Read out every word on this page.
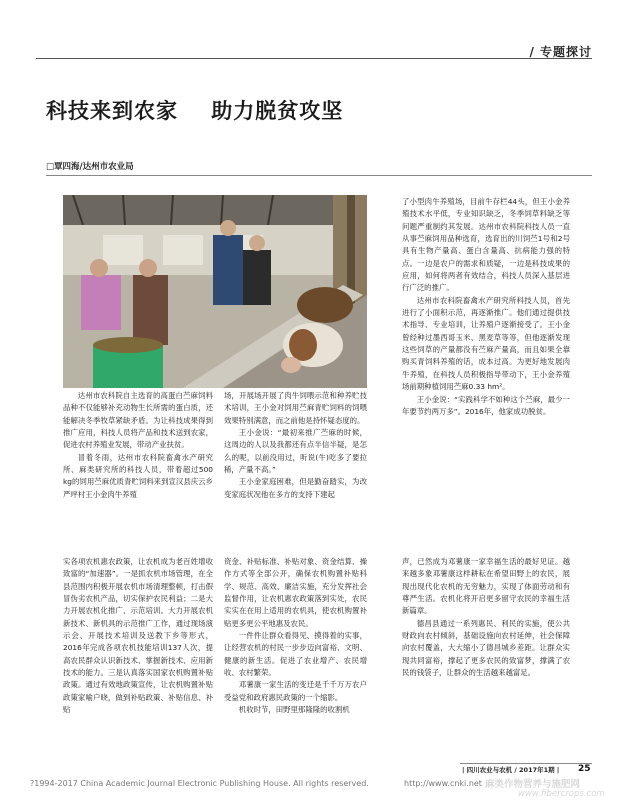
/ 专题探讨
科技来到农家    助力脱贫攻坚
□覃四海/达州市农业局

达州市农科院自主选育的高蛋白苎麻饲料品种不仅能够补充动物生长所需的蛋白质，还能解决冬季牧草紧缺矛盾。为让科技成果得到推广应用，科技人员将产品和技术送到农家，促进农村养殖业发展，带动产业扶贫。

冒着冬雨，达州市农科院畜禽水产研究所、麻类研究所的科技人员，带着超过500 kg的饲用苎麻优质青贮饲料来到宣汉县庆云乡严坪村王小金肉牛养殖

场，开展场开展了肉牛饲喂示范和种养贮技术培训，王小金对饲用苎麻青贮饲料的饲喂效果特别满意，而之前他是持怀疑态度的。

王小金说：“最初来推广苎麻的时候，这周边的人以及我都还有点半信半疑，是怎么的呢，以前没用过，听说(牛)吃多了要拉稀，产量不高。”

王小金家庭困难，但是勤奋踏实，为改变家庭状况他在多方的支持下建起

了小型肉牛养殖场，目前牛存栏44头，但王小金养殖技术水平低，专业知识缺乏，冬季饲草料缺乏等问题严重制约其发展。达州市农科院科技人员一直从事苎麻饲用品种选育，选育出的川饲苎1号和2号具有生物产量高、蛋白含量高、抗病能力强的特点。一边是农户的需求和质疑，一边是科技成果的应用，如何将两者有效结合，科技人员深入基层进行广泛的推广。

达州市农科院畜禽水产研究所科技人员，首先进行了小面积示范，再逐渐推广。他们通过提供技术指导、专业培训，让养殖户逐渐接受了。王小金曾经种过墨西哥玉米、黑麦草等等，但他逐渐发现这些饲草的产量都没有苎麻产量高，而且如果全靠购买青饲料养殖的话，成本过高。为更好地发展肉牛养殖，在科技人员积极指导带动下，王小金养殖场前期种植饲用苎麻0.33 hm²。

王小金说：“实践科学不如种这个苎麻，最少一年要节约两万多”。2016年，他家成功脱贫。

实各项农机惠农政策，让农机成为老百姓增收致富的“加速器”。一是抓农机市场管理，在全县范围内积极开展农机市场清理整顿，打击假冒伪劣农机产品，切实保护农民利益；二是大力开展农机化推广、示范培训。大力开展农机新技术、新机具的示范推广工作，通过现场演示会、开展技术培训及送教下乡等形式，2016年完成各项农机技能培训137人次，提高农民群众认识新技术、掌握新技术、应用新技术的能力。三是认真落实国家农机购置补贴政策。通过有效地政策宣传，让农机购置补贴政策家喻户晓，做到补贴政策、补贴信息、补贴

资金、补贴标准、补贴对象、资金结算、操作方式等全部公开，确保农机购置补贴科学、规范、高效、廉洁实施，充分发挥社会监督作用，让农机惠农政策落到实处，农民实实在在用上适用的农机具，使农机购置补贴更多更公平地惠及农民。

一件件让群众看得见、摸得着的实事，让经营农机的村民一步步迈向富裕、文明、健康的新生活。促进了农业增产、农民增收、农村繁荣。

邓薯康一家生活的变迁是千千万万农户受益党和政府惠民政策的一个缩影。

机收时节，田野里那隆隆的收割机

声，已然成为邓薯康一家幸福生活的最好见证。越来越多象邓薯康这样耕耘在希望田野上的农民，展现出现代化农机的无穷魅力，实现了体面劳动和有尊严生活。农机化将开启更多留守农民的幸福生活新篇章。

德昌县通过一系列惠民、利民的实施，使公共财政向农村倾斜，基础设施向农村延伸，社会保障向农村覆盖，大大缩小了德昌城乡差距。让群众实现共同富裕，撑起了更多农民的致富梦，撑满了农民的钱袋子，让群众的生活越来越富足。

| 四川农业与农机 / 2017年1期 | 25
?1994-2017 China Academic Journal Electronic Publishing House. All rights reserved.	http://www.cnki.net 麻类作物营养与施肥网
www.fibercrops.com
